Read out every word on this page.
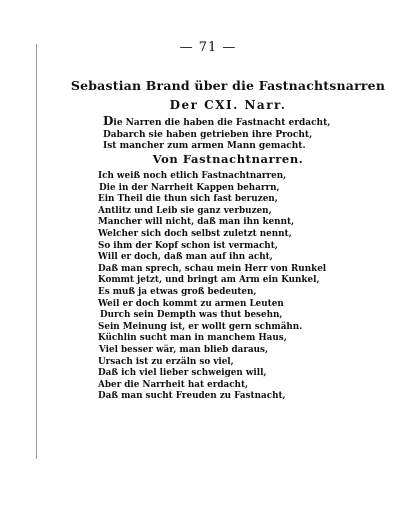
— 71 —
Sebastian Brand über die Fastnachtsnarren
Der CXI. Narr.
Die Narren die haben die Fastnacht erdacht,
Dabarch sie haben getrieben ihre Procht,
Ist mancher zum armen Mann gemacht.
Von Fastnachtnarren.
Ich weiß noch etlich Fastnachtnarren,
Die in der Narrheit Kappen beharrn,
Ein Theil die thun sich fast beruzen,
Antlitz und Leib sie ganz verbuzen,
Mancher will nicht, daß man ihn kennt,
Welcher sich doch selbst zuletzt nennt,
So ihm der Kopf schon ist vermacht,
Will er doch, daß man auf ihn acht,
Daß man sprech, schau mein Herr von Runkel
Kommt jetzt, und bringt am Arm ein Kunkel,
Es muß ja etwas groß bedeuten,
Weil er doch kommt zu armen Leuten
Durch sein Dempth was thut besehn,
Sein Meinung ist, er wollt gern schmähn.
Küchlin sucht man in manchem Haus,
Viel besser wär, man blieb daraus,
Ursach ist zu erzäln so viel,
Daß ich viel lieber schweigen will,
Aber die Narrheit hat erdacht,
Daß man sucht Freuden zu Fastnacht,
